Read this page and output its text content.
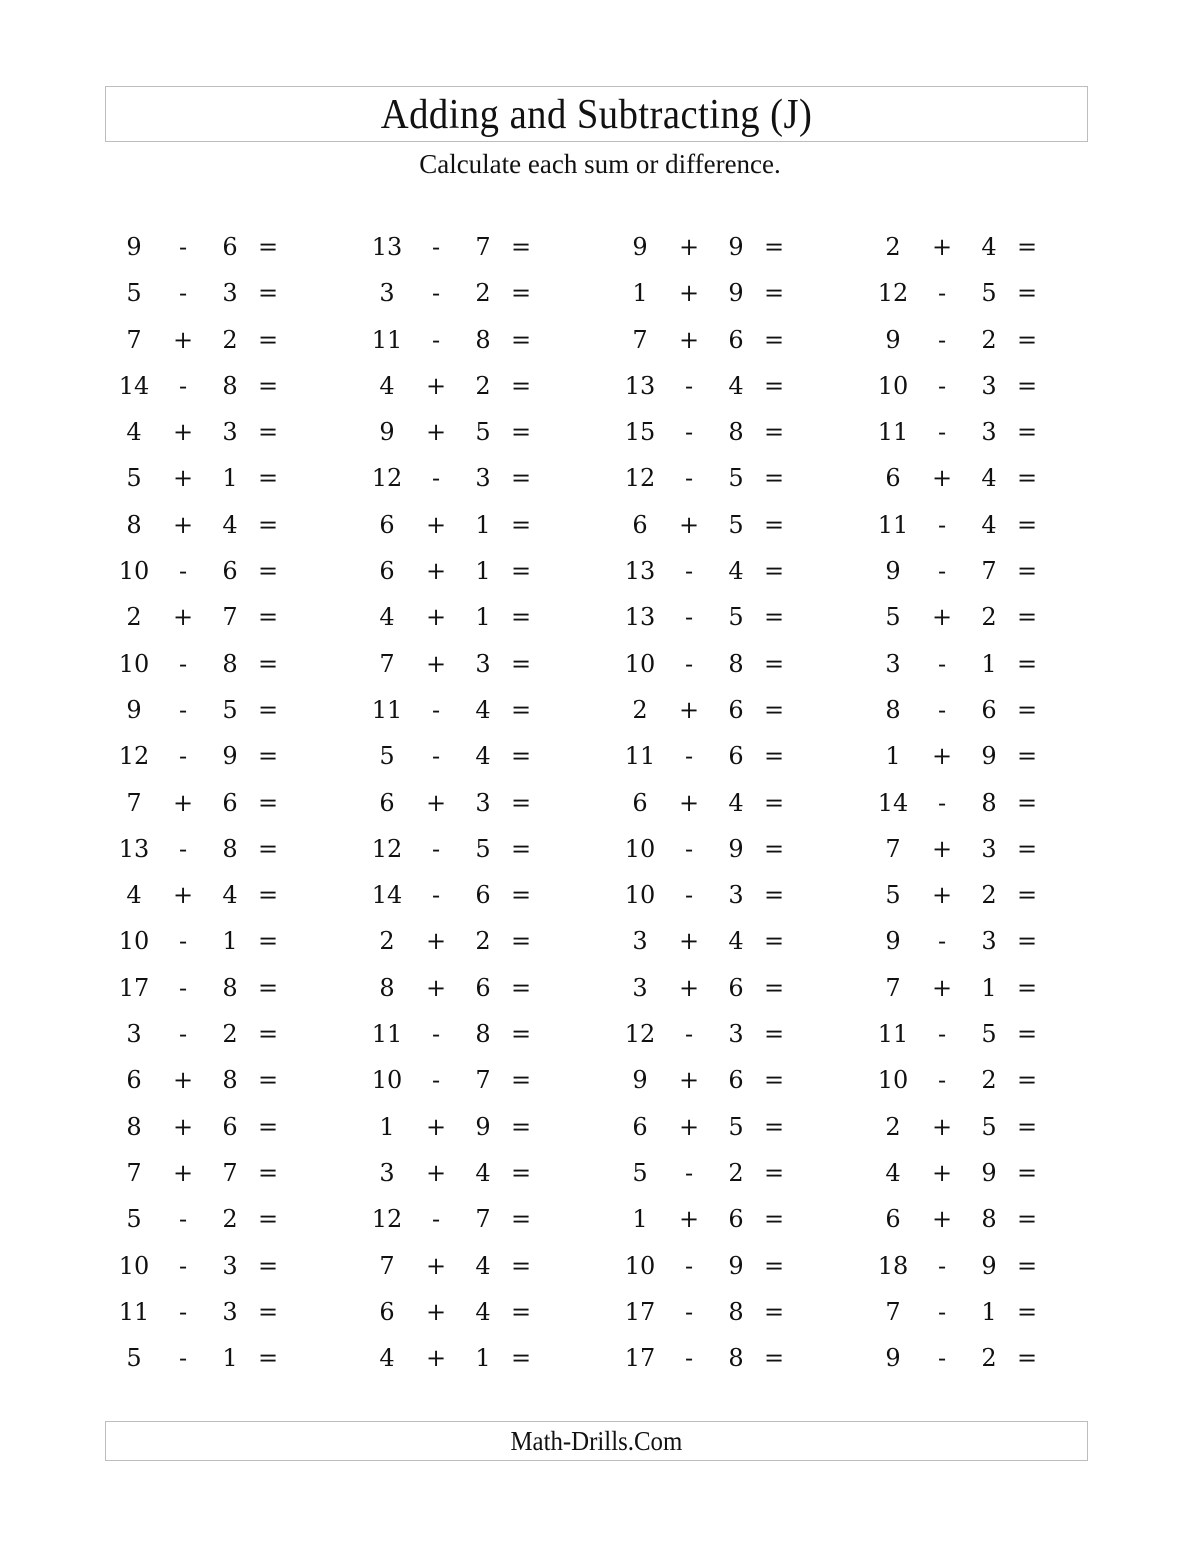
Adding and Subtracting (J)
Calculate each sum or difference.
9	-	6 =
5	-	3 =
7	+	2 =
14	-	8 =
4	+	3 =
5	+	1 =
8	+	4 =
10	-	6 =
2	+	7 =
10	-	8 =
9	-	5 =
12	-	9 =
7	+	6 =
13	-	8 =
4	+	4 =
10	-	1 =
17	-	8 =
3	-	2 =
6	+	8 =
8	+	6 =
7	+	7 =
5	-	2 =
10	-	3 =
11	-	3 =
5	-	1 =
13	-	7 =
3	-	2 =
11	-	8 =
4	+	2 =
9	+	5 =
12	-	3 =
6	+	1 =
6	+	1 =
4	+	1 =
7	+	3 =
11	-	4 =
5	-	4 =
6	+	3 =
12	-	5 =
14	-	6 =
2	+	2 =
8	+	6 =
11	-	8 =
10	-	7 =
1	+	9 =
3	+	4 =
12	-	7 =
7	+	4 =
6	+	4 =
4	+	1 =
9	+	9 =
1	+	9 =
7	+	6 =
13	-	4 =
15	-	8 =
12	-	5 =
6	+	5 =
13	-	4 =
13	-	5 =
10	-	8 =
2	+	6 =
11	-	6 =
6	+	4 =
10	-	9 =
10	-	3 =
3	+	4 =
3	+	6 =
12	-	3 =
9	+	6 =
6	+	5 =
5	-	2 =
1	+	6 =
10	-	9 =
17	-	8 =
17	-	8 =
2	+	4 =
12	-	5 =
9	-	2 =
10	-	3 =
11	-	3 =
6	+	4 =
11	-	4 =
9	-	7 =
5	+	2 =
3	-	1 =
8	-	6 =
1	+	9 =
14	-	8 =
7	+	3 =
5	+	2 =
9	-	3 =
7	+	1 =
11	-	5 =
10	-	2 =
2	+	5 =
4	+	9 =
6	+	8 =
18	-	9 =
7	-	1 =
9	-	2 =
Math-Drills.Com
